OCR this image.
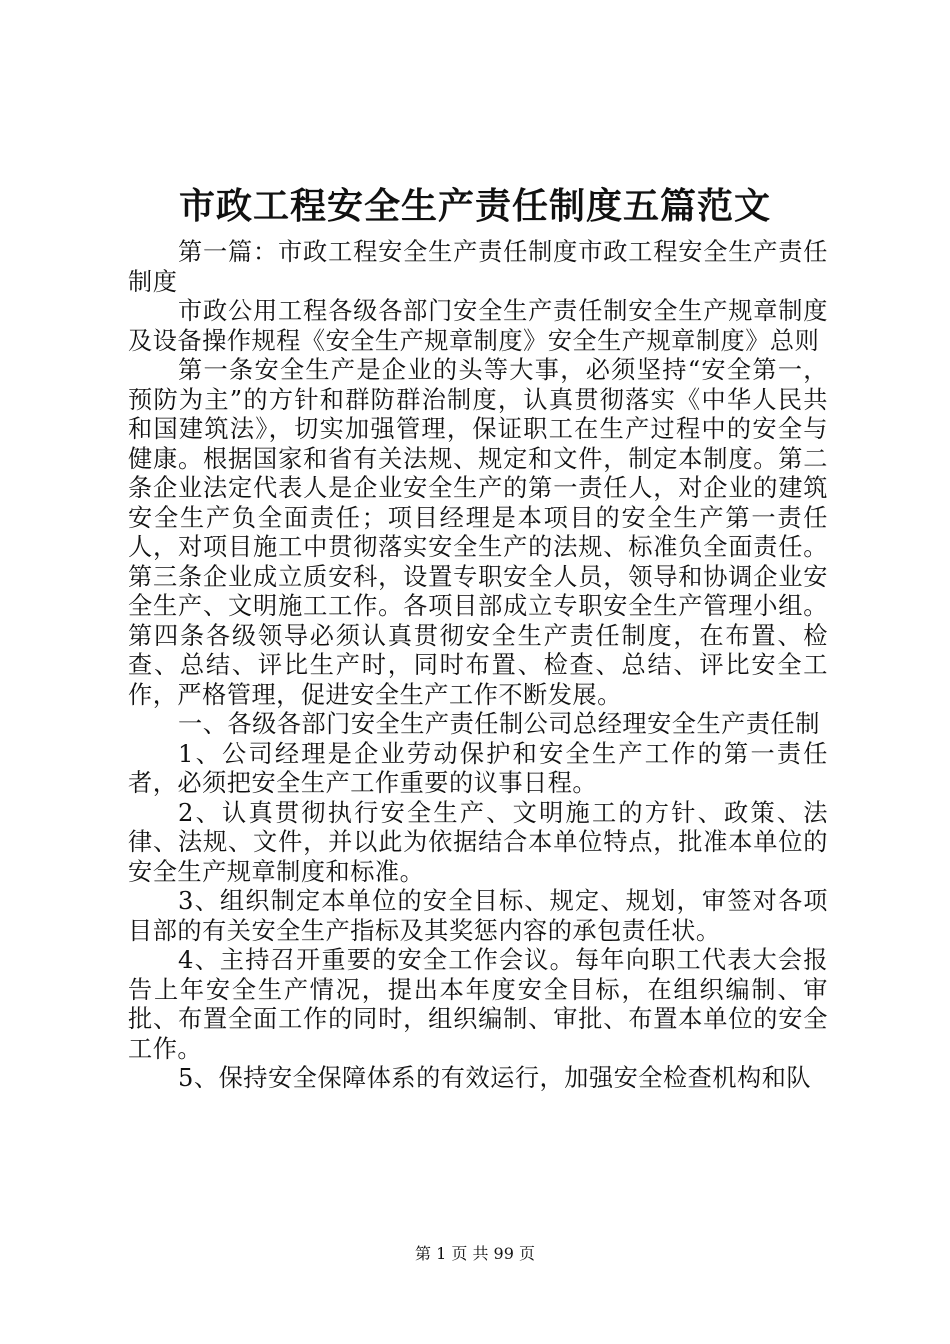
市政工程安全生产责任制度五篇范文

第一篇：市政工程安全生产责任制度市政工程安全生产责任制度

市政公用工程各级各部门安全生产责任制安全生产规章制度及设备操作规程《安全生产规章制度》安全生产规章制度》总则

第一条安全生产是企业的头等大事，必须坚持“安全第一，预防为主”的方针和群防群治制度，认真贯彻落实《中华人民共和国建筑法》，切实加强管理，保证职工在生产过程中的安全与健康。根据国家和省有关法规、规定和文件，制定本制度。第二条企业法定代表人是企业安全生产的第一责任人，对企业的建筑安全生产负全面责任；项目经理是本项目的安全生产第一责任人，对项目施工中贯彻落实安全生产的法规、标准负全面责任。第三条企业成立质安科，设置专职安全人员，领导和协调企业安全生产、文明施工工作。各项目部成立专职安全生产管理小组。第四条各级领导必须认真贯彻安全生产责任制度，在布置、检查、总结、评比生产时，同时布置、检查、总结、评比安全工作，严格管理，促进安全生产工作不断发展。

一、各级各部门安全生产责任制公司总经理安全生产责任制

1、公司经理是企业劳动保护和安全生产工作的第一责任者，必须把安全生产工作重要的议事日程。

2、认真贯彻执行安全生产、文明施工的方针、政策、法律、法规、文件，并以此为依据结合本单位特点，批准本单位的安全生产规章制度和标准。

3、组织制定本单位的安全目标、规定、规划，审签对各项目部的有关安全生产指标及其奖惩内容的承包责任状。

4、主持召开重要的安全工作会议。每年向职工代表大会报告上年安全生产情况，提出本年度安全目标，在组织编制、审批、布置全面工作的同时，组织编制、审批、布置本单位的安全工作。

5、保持安全保障体系的有效运行，加强安全检查机构和队

第 1 页 共 99 页
